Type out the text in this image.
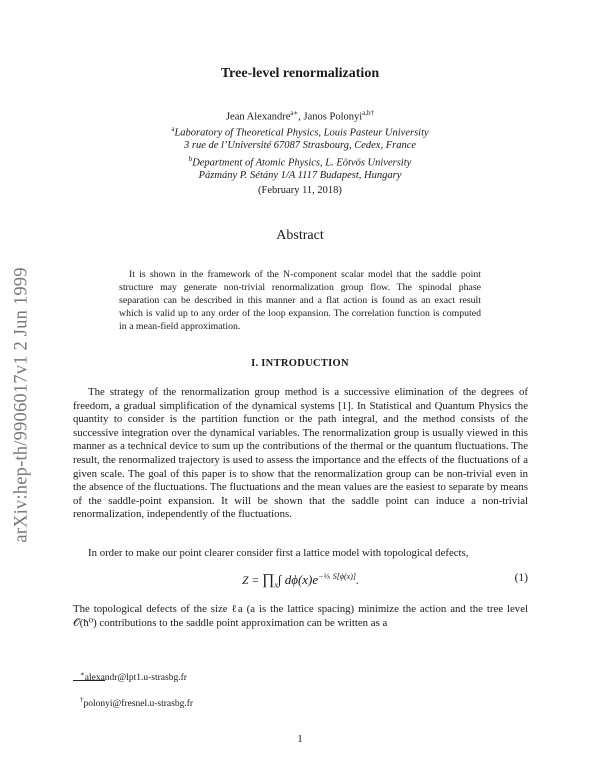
arXiv:hep-th/9906017v1 2 Jun 1999
Tree-level renormalization
Jean Alexandre$^{a∗}$, Janos Polonyi$^{a,b\dagger}$
$^a$Laboratory of Theoretical Physics, Louis Pasteur University
3 rue de l’Université 67087 Strasbourg, Cedex, France
$^b$Department of Atomic Physics, L. Eötvös University
Pázmány P. Sétány 1/A 1117 Budapest, Hungary
(February 11, 2018)
Abstract

It is shown in the framework of the N-component scalar model that the saddle point structure may generate non-trivial renormalization group flow. The spinodal phase separation can be described in this manner and a flat action is found as an exact result which is valid up to any order of the loop expansion. The correlation function is computed in a mean-field approximation.

I. INTRODUCTION

The strategy of the renormalization group method is a successive elimination of the degrees of freedom, a gradual simplification of the dynamical systems [1]. In Statistical and Quantum Physics the quantity to consider is the partition function or the path integral, and the method consists of the successive integration over the dynamical variables. The renormalization group is usually viewed in this manner as a technical device to sum up the contributions of the thermal or the quantum fluctuations. The result, the renormalized trajectory is used to assess the importance and the effects of the fluctuations of a given scale. The goal of this paper is to show that the renormalization group can be non-trivial even in the absence of the fluctuations. The fluctuations and the mean values are the easiest to separate by means of the saddle-point expansion. It will be shown that the saddle point can induce a non-trivial renormalization, independently of the fluctuations.

In order to make our point clearer consider first a lattice model with topological defects,

$Z = \prod_x\int$ $d\phi(x)e^{-^1⁄_h S[\phi(x)]}$.	(1)

The topological defects of the size ℓa (a is the lattice spacing) minimize the action and the tree level 𝒪(ħ⁰) contributions to the saddle point approximation can be written as a

∗alexandr@lpt1.u-strasbg.fr
†polonyi@fresnel.u-strasbg.fr
1
